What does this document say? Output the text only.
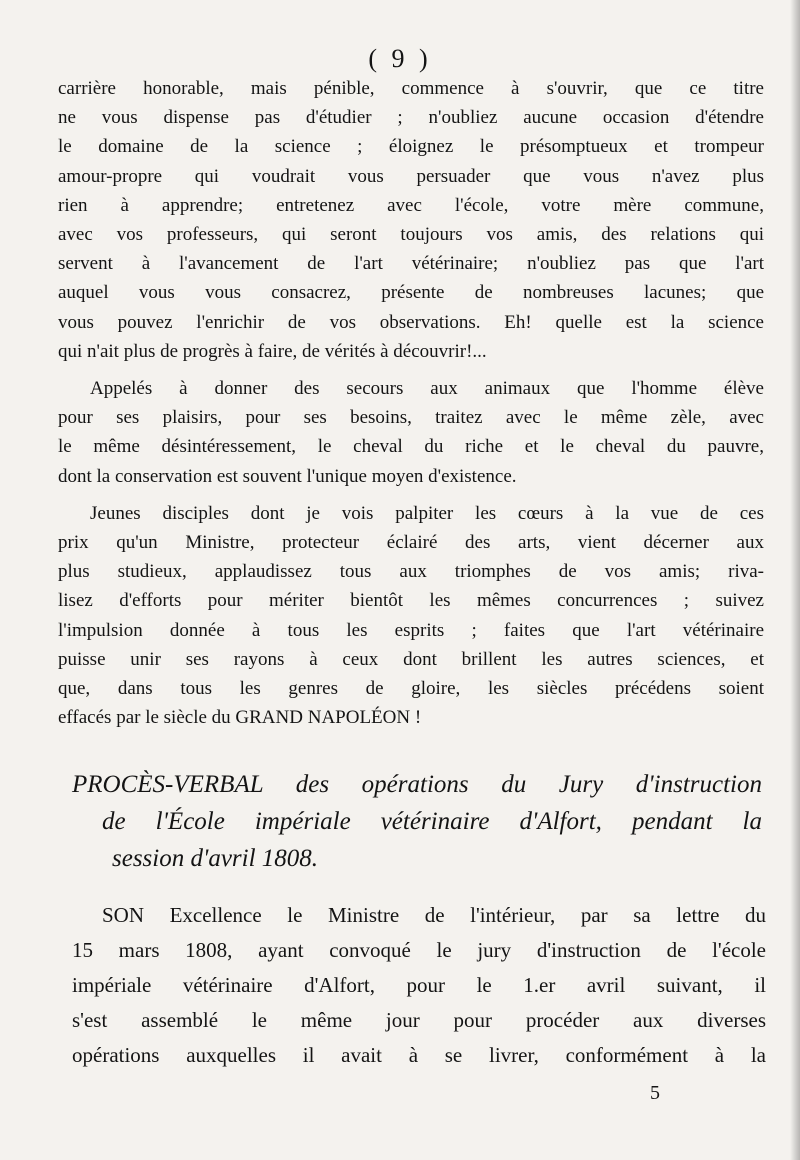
( 9 )
carrière honorable, mais pénible, commence à s'ouvrir, que ce titre
ne vous dispense pas d'étudier ; n'oubliez aucune occasion d'étendre
le domaine de la science ; éloignez le présomptueux et trompeur
amour-propre qui voudrait vous persuader que vous n'avez plus
rien à apprendre; entretenez avec l'école, votre mère commune,
avec vos professeurs, qui seront toujours vos amis, des relations qui
servent à l'avancement de l'art vétérinaire; n'oubliez pas que l'art
auquel vous vous consacrez, présente de nombreuses lacunes; que
vous pouvez l'enrichir de vos observations. Eh! quelle est la science
qui n'ait plus de progrès à faire, de vérités à découvrir!...
Appelés à donner des secours aux animaux que l'homme élève
pour ses plaisirs, pour ses besoins, traitez avec le même zèle, avec
le même désintéressement, le cheval du riche et le cheval du pauvre,
dont la conservation est souvent l'unique moyen d'existence.
Jeunes disciples dont je vois palpiter les cœurs à la vue de ces
prix qu'un Ministre, protecteur éclairé des arts, vient décerner aux
plus studieux, applaudissez tous aux triomphes de vos amis; riva-
lisez d'efforts pour mériter bientôt les mêmes concurrences ; suivez
l'impulsion donnée à tous les esprits ; faites que l'art vétérinaire
puisse unir ses rayons à ceux dont brillent les autres sciences, et
que, dans tous les genres de gloire, les siècles précédens soient
effacés par le siècle du GRAND NAPOLÉON !
PROCÈS-VERBAL des opérations du Jury d'instruction
de l'École impériale vétérinaire d'Alfort, pendant la
session d'avril 1808.
SON Excellence le Ministre de l'intérieur, par sa lettre du
15 mars 1808, ayant convoqué le jury d'instruction de l'école
impériale vétérinaire d'Alfort, pour le 1.er avril suivant, il
s'est assemblé le même jour pour procéder aux diverses
opérations auxquelles il avait à se livrer, conformément à la
5
